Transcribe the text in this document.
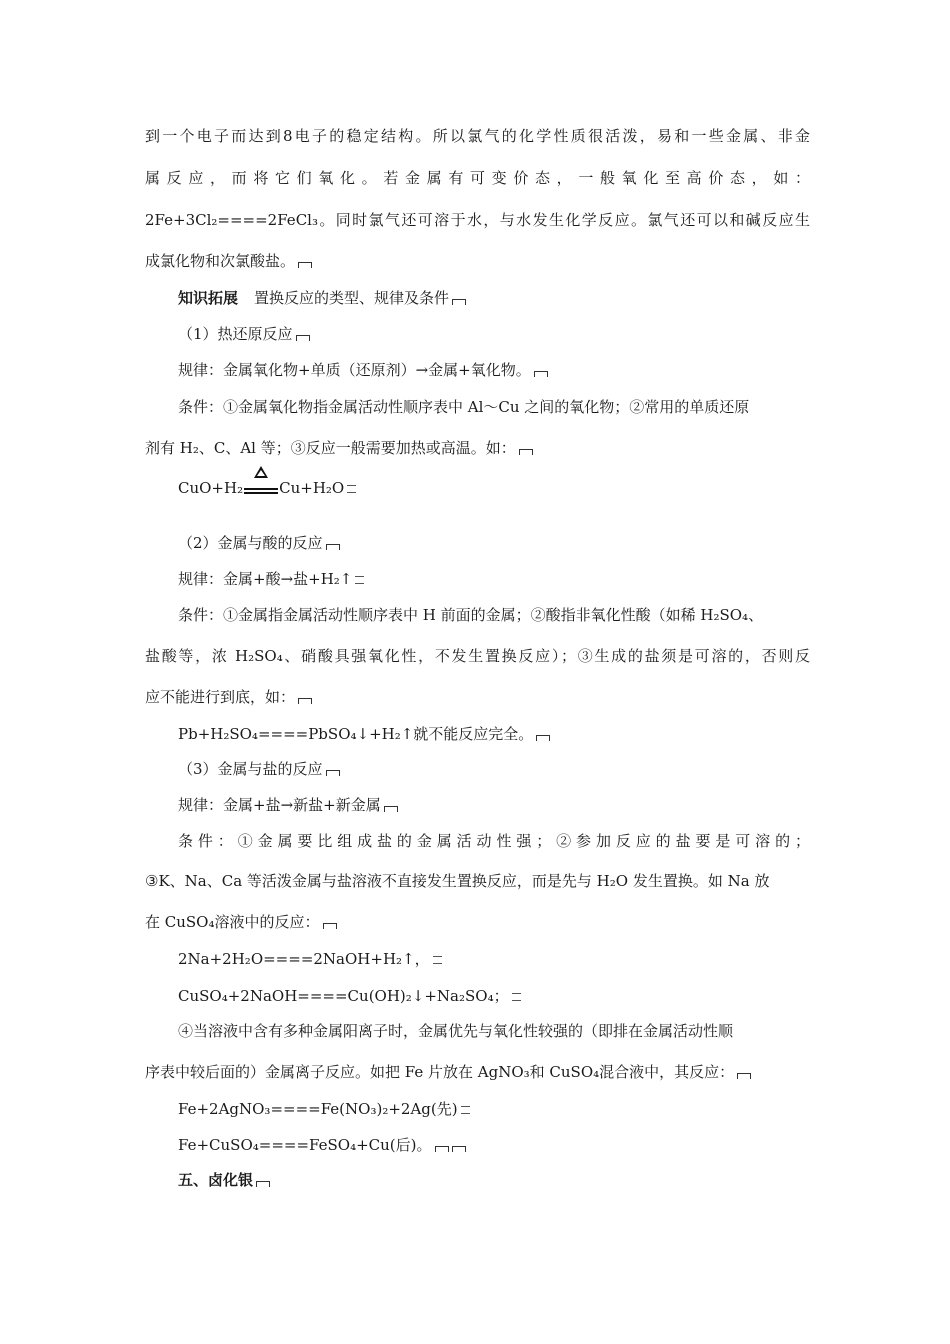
到一个电子而达到8电子的稳定结构。所以氯气的化学性质很活泼，易和一些金属、非金
属反应，而将它们氧化。若金属有可变价态，一般氧化至高价态，如：
2Fe+3Cl₂====2FeCl₃。同时氯气还可溶于水，与水发生化学反应。氯气还可以和碱反应生
成氯化物和次氯酸盐。
知识拓展 置换反应的类型、规律及条件
（1）热还原反应
规律：金属氧化物+单质（还原剂）→金属+氧化物。
条件：①金属氧化物指金属活动性顺序表中 Al～Cu 之间的氧化物；②常用的单质还原
剂有 H₂、C、Al 等；③反应一般需要加热或高温。如：
CuO+H₂ Cu+H₂O
（2）金属与酸的反应
规律：金属+酸→盐+H₂↑
条件：①金属指金属活动性顺序表中 H 前面的金属；②酸指非氧化性酸（如稀 H₂SO₄、
盐酸等，浓 H₂SO₄、硝酸具强氧化性，不发生置换反应）；③生成的盐须是可溶的，否则反
应不能进行到底，如：
Pb+H₂SO₄====PbSO₄↓+H₂↑就不能反应完全。
（3）金属与盐的反应
规律：金属+盐→新盐+新金属
条件：①金属要比组成盐的金属活动性强；②参加反应的盐要是可溶的；
③K、Na、Ca 等活泼金属与盐溶液不直接发生置换反应，而是先与 H₂O 发生置换。如 Na 放
在 CuSO₄溶液中的反应：
2Na+2H₂O====2NaOH+H₂↑，
CuSO₄+2NaOH====Cu(OH)₂↓+Na₂SO₄；
④当溶液中含有多种金属阳离子时，金属优先与氧化性较强的（即排在金属活动性顺
序表中较后面的）金属离子反应。如把 Fe 片放在 AgNO₃和 CuSO₄混合液中，其反应：
Fe+2AgNO₃====Fe(NO₃)₂+2Ag(先)
Fe+CuSO₄====FeSO₄+Cu(后)。
五、卤化银
